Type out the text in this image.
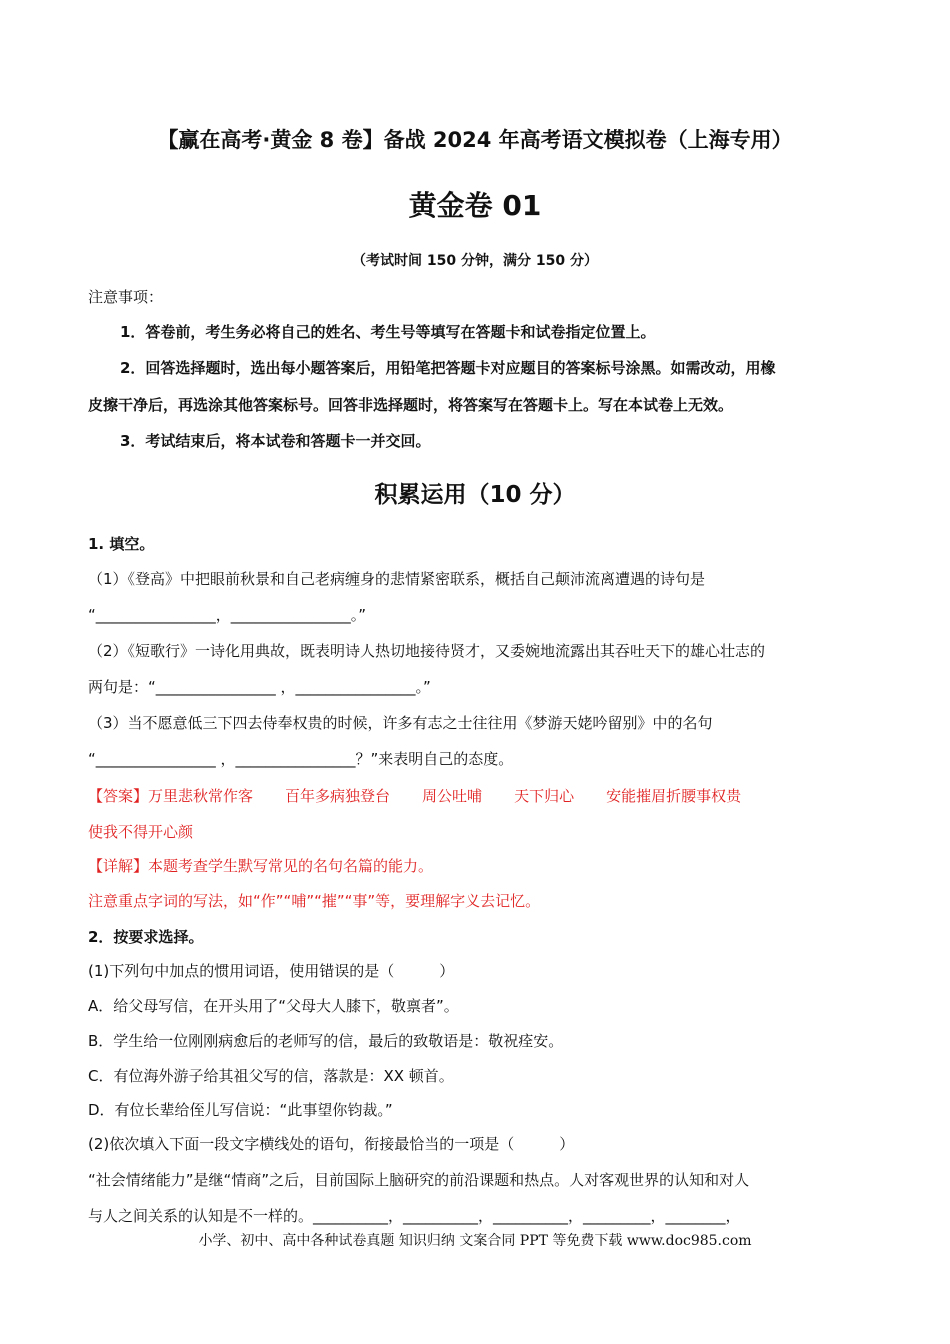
【赢在高考·黄金 8 卷】备战 2024 年高考语文模拟卷（上海专用）
黄金卷 01
（考试时间 150 分钟，满分 150 分）
注意事项：
1．答卷前，考生务必将自己的姓名、考生号等填写在答题卡和试卷指定位置上。
2．回答选择题时，选出每小题答案后，用铅笔把答题卡对应题目的答案标号涂黑。如需改动，用橡
皮擦干净后，再选涂其他答案标号。回答非选择题时，将答案写在答题卡上。写在本试卷上无效。
3．考试结束后，将本试卷和答题卡一并交回。
积累运用（10 分）
1. 填空。
（1）《登高》中把眼前秋景和自己老病缠身的悲情紧密联系，概括自己颠沛流离遭遇的诗句是
“________________，________________。”
（2）《短歌行》一诗化用典故，既表明诗人热切地接待贤才，又委婉地流露出其吞吐天下的雄心壮志的
两句是：“________________ ，________________。”
（3）当不愿意低三下四去侍奉权贵的时候，许多有志之士往往用《梦游天姥吟留别》中的名句
“________________ ，________________？”来表明自己的态度。
【答案】万里悲秋常作客 百年多病独登台 周公吐哺 天下归心 安能摧眉折腰事权贵
使我不得开心颜
【详解】本题考查学生默写常见的名句名篇的能力。
注意重点字词的写法，如“作”“哺”“摧”“事”等，要理解字义去记忆。
2．按要求选择。
(1)下列句中加点的惯用词语，使用错误的是（　　　）
A．给父母写信，在开头用了“父母大人膝下，敬禀者”。
B．学生给一位刚刚病愈后的老师写的信，最后的致敬语是：敬祝痊安。
C．有位海外游子给其祖父写的信，落款是：XX 顿首。
D．有位长辈给侄儿写信说：“此事望你钧裁。”
(2)依次填入下面一段文字横线处的语句，衔接最恰当的一项是（　　　）
“社会情绪能力”是继“情商”之后，目前国际上脑研究的前沿课题和热点。人对客观世界的认知和对人
与人之间关系的认知是不一样的。__________，__________，__________，_________，________，
小学、初中、高中各种试卷真题 知识归纳 文案合同 PPT 等免费下载 www.doc985.com
